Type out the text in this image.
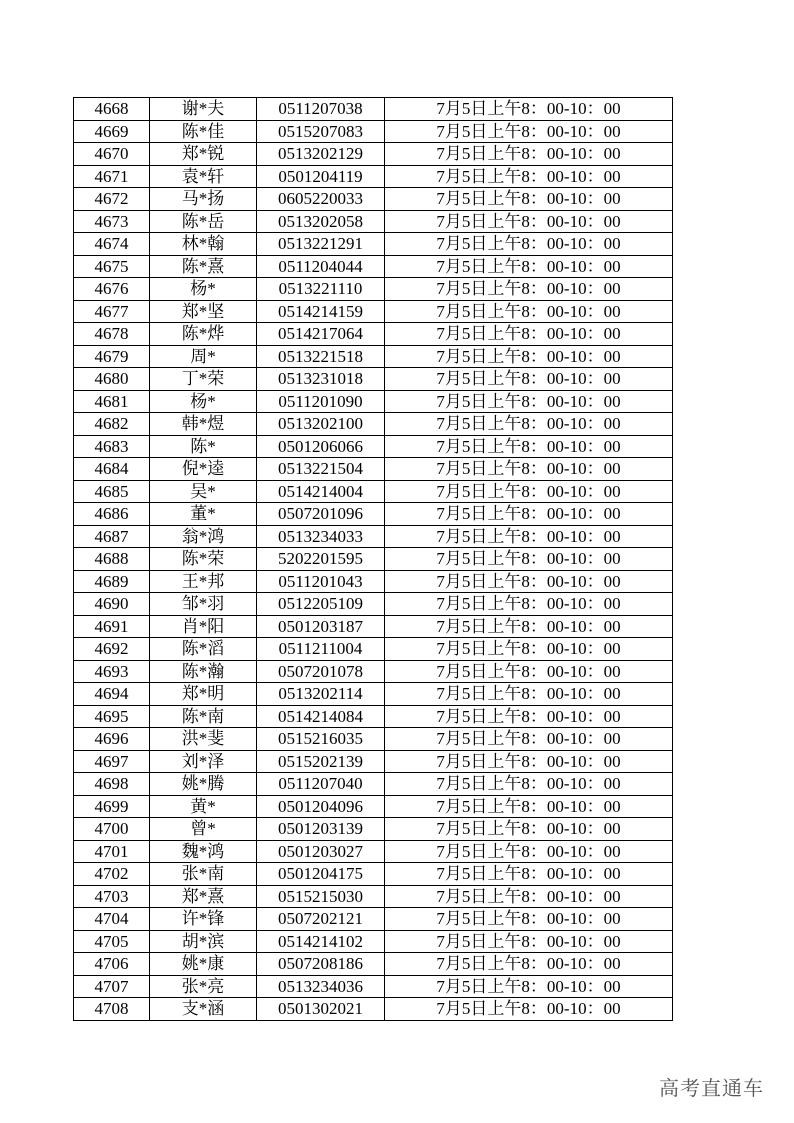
4668	谢*夫	0511207038	7月5日上午8：00-10：00
4669	陈*佳	0515207083	7月5日上午8：00-10：00
4670	郑*锐	0513202129	7月5日上午8：00-10：00
4671	袁*轩	0501204119	7月5日上午8：00-10：00
4672	马*扬	0605220033	7月5日上午8：00-10：00
4673	陈*岳	0513202058	7月5日上午8：00-10：00
4674	林*翰	0513221291	7月5日上午8：00-10：00
4675	陈*熹	0511204044	7月5日上午8：00-10：00
4676	杨*	0513221110	7月5日上午8：00-10：00
4677	郑*坚	0514214159	7月5日上午8：00-10：00
4678	陈*烨	0514217064	7月5日上午8：00-10：00
4679	周*	0513221518	7月5日上午8：00-10：00
4680	丁*荣	0513231018	7月5日上午8：00-10：00
4681	杨*	0511201090	7月5日上午8：00-10：00
4682	韩*煜	0513202100	7月5日上午8：00-10：00
4683	陈*	0501206066	7月5日上午8：00-10：00
4684	倪*逵	0513221504	7月5日上午8：00-10：00
4685	吴*	0514214004	7月5日上午8：00-10：00
4686	董*	0507201096	7月5日上午8：00-10：00
4687	翁*鸿	0513234033	7月5日上午8：00-10：00
4688	陈*荣	5202201595	7月5日上午8：00-10：00
4689	王*邦	0511201043	7月5日上午8：00-10：00
4690	邹*羽	0512205109	7月5日上午8：00-10：00
4691	肖*阳	0501203187	7月5日上午8：00-10：00
4692	陈*滔	0511211004	7月5日上午8：00-10：00
4693	陈*瀚	0507201078	7月5日上午8：00-10：00
4694	郑*明	0513202114	7月5日上午8：00-10：00
4695	陈*南	0514214084	7月5日上午8：00-10：00
4696	洪*斐	0515216035	7月5日上午8：00-10：00
4697	刘*泽	0515202139	7月5日上午8：00-10：00
4698	姚*腾	0511207040	7月5日上午8：00-10：00
4699	黄*	0501204096	7月5日上午8：00-10：00
4700	曾*	0501203139	7月5日上午8：00-10：00
4701	魏*鸿	0501203027	7月5日上午8：00-10：00
4702	张*南	0501204175	7月5日上午8：00-10：00
4703	郑*熹	0515215030	7月5日上午8：00-10：00
4704	许*锋	0507202121	7月5日上午8：00-10：00
4705	胡*滨	0514214102	7月5日上午8：00-10：00
4706	姚*康	0507208186	7月5日上午8：00-10：00
4707	张*亮	0513234036	7月5日上午8：00-10：00
4708	支*涵	0501302021	7月5日上午8：00-10：00
高考直通车
